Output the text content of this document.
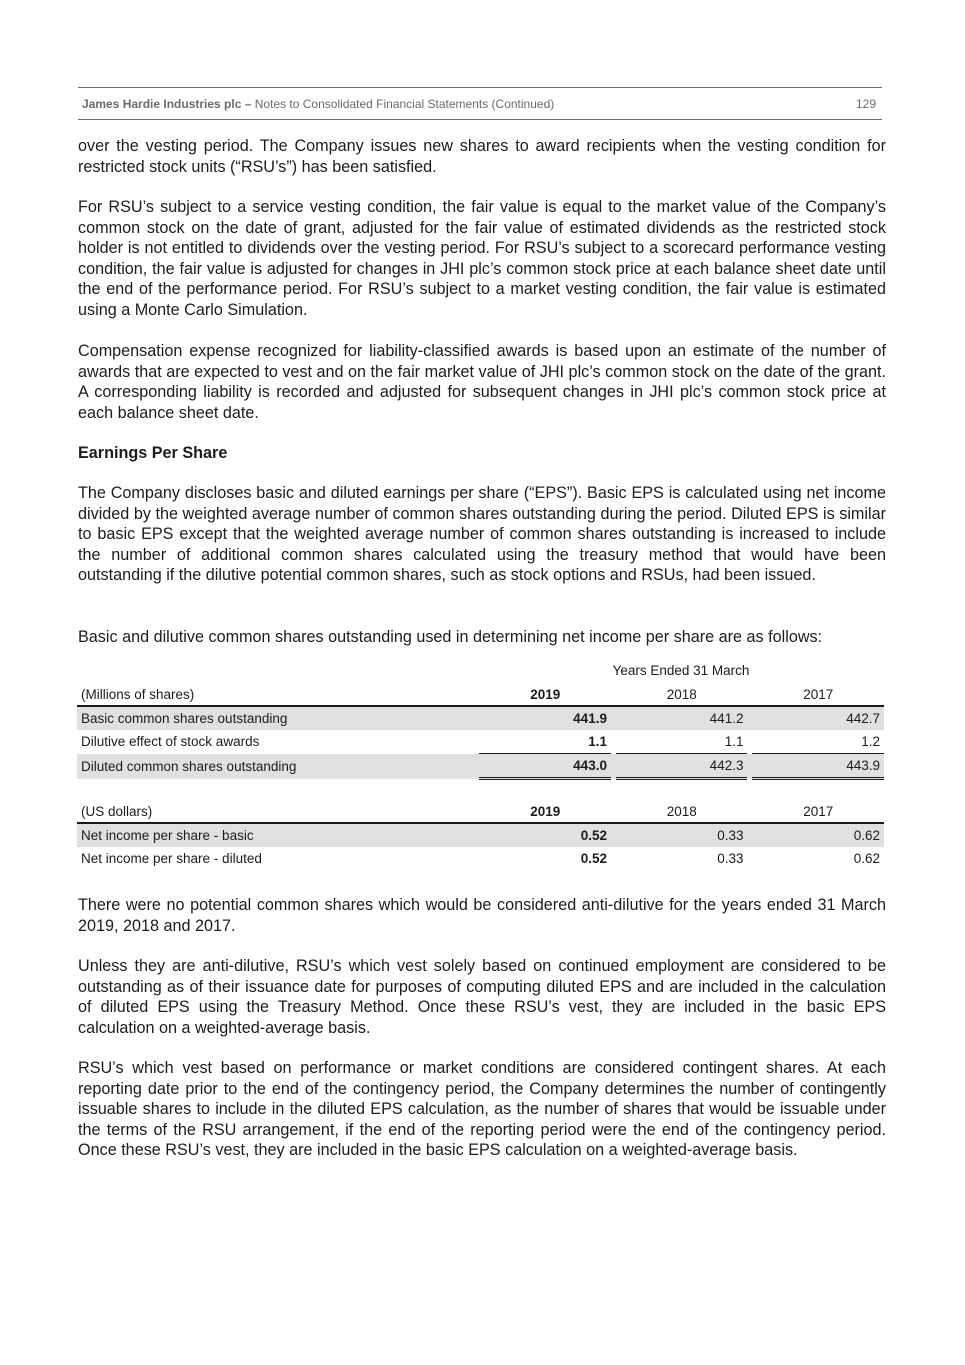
James Hardie Industries plc – Notes to Consolidated Financial Statements (Continued)	129
over the vesting period. The Company issues new shares to award recipients when the vesting condition for restricted stock units (“RSU’s”) has been satisfied.
For RSU’s subject to a service vesting condition, the fair value is equal to the market value of the Company’s common stock on the date of grant, adjusted for the fair value of estimated dividends as the restricted stock holder is not entitled to dividends over the vesting period. For RSU’s subject to a scorecard performance vesting condition, the fair value is adjusted for changes in JHI plc’s common stock price at each balance sheet date until the end of the performance period. For RSU’s subject to a market vesting condition, the fair value is estimated using a Monte Carlo Simulation.
Compensation expense recognized for liability-classified awards is based upon an estimate of the number of awards that are expected to vest and on the fair market value of JHI plc’s common stock on the date of the grant. A corresponding liability is recorded and adjusted for subsequent changes in JHI plc’s common stock price at each balance sheet date.
Earnings Per Share
The Company discloses basic and diluted earnings per share (“EPS”). Basic EPS is calculated using net income divided by the weighted average number of common shares outstanding during the period. Diluted EPS is similar to basic EPS except that the weighted average number of common shares outstanding is increased to include the number of additional common shares calculated using the treasury method that would have been outstanding if the dilutive potential common shares, such as stock options and RSUs, had been issued.
Basic and dilutive common shares outstanding used in determining net income per share are as follows:
Years Ended 31 March
(Millions of shares)	2019		2018		2017
Basic common shares outstanding	441.9		441.2		442.7
Dilutive effect of stock awards	1.1		1.1		1.2
Diluted common shares outstanding	443.0		442.3		443.9
(US dollars)	2019		2018		2017
Net income per share - basic	0.52		0.33		0.62
Net income per share - diluted	0.52		0.33		0.62
There were no potential common shares which would be considered anti-dilutive for the years ended 31 March 2019, 2018 and 2017.
Unless they are anti-dilutive, RSU’s which vest solely based on continued employment are considered to be outstanding as of their issuance date for purposes of computing diluted EPS and are included in the calculation of diluted EPS using the Treasury Method. Once these RSU’s vest, they are included in the basic EPS calculation on a weighted-average basis.
RSU’s which vest based on performance or market conditions are considered contingent shares. At each reporting date prior to the end of the contingency period, the Company determines the number of contingently issuable shares to include in the diluted EPS calculation, as the number of shares that would be issuable under the terms of the RSU arrangement, if the end of the reporting period were the end of the contingency period. Once these RSU’s vest, they are included in the basic EPS calculation on a weighted-average basis.
